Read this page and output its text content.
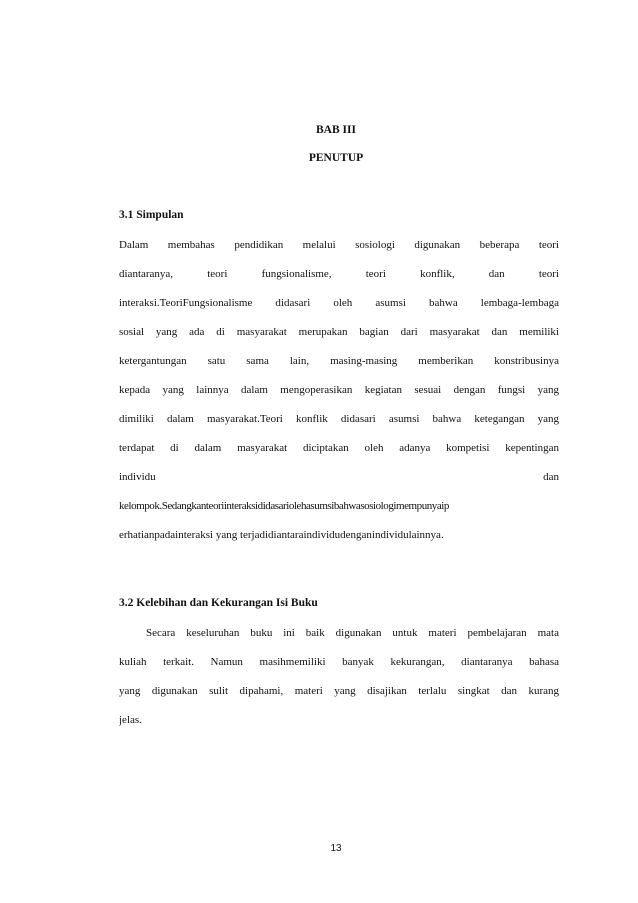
BAB III
PENUTUP
3.1 Simpulan
Dalam membahas pendidikan melalui sosiologi digunakan beberapa teori
diantaranya, teori fungsionalisme, teori konflik, dan teori
interaksi.TeoriFungsionalisme didasari oleh asumsi bahwa lembaga-lembaga
sosial yang ada di masyarakat merupakan bagian dari masyarakat dan memiliki
ketergantungan satu sama lain, masing-masing memberikan konstribusinya
kepada yang lainnya dalam mengoperasikan kegiatan sesuai dengan fungsi yang
dimiliki dalam masyarakat.Teori konflik didasari asumsi bahwa ketegangan yang
terdapat di dalam masyarakat diciptakan oleh adanya kompetisi kepentingan
individu dan
kelompok.Sedangkanteoriinteraksididasariolehasumsibahwasosiologimempunyaip
erhatianpadainteraksi yang terjadidiantaraindividudenganindividulainnya.
3.2 Kelebihan dan Kekurangan Isi Buku
Secara keseluruhan buku ini baik digunakan untuk materi pembelajaran mata
kuliah terkait. Namun masihmemiliki banyak kekurangan, diantaranya bahasa
yang digunakan sulit dipahami, materi yang disajikan terlalu singkat dan kurang
jelas.
13
